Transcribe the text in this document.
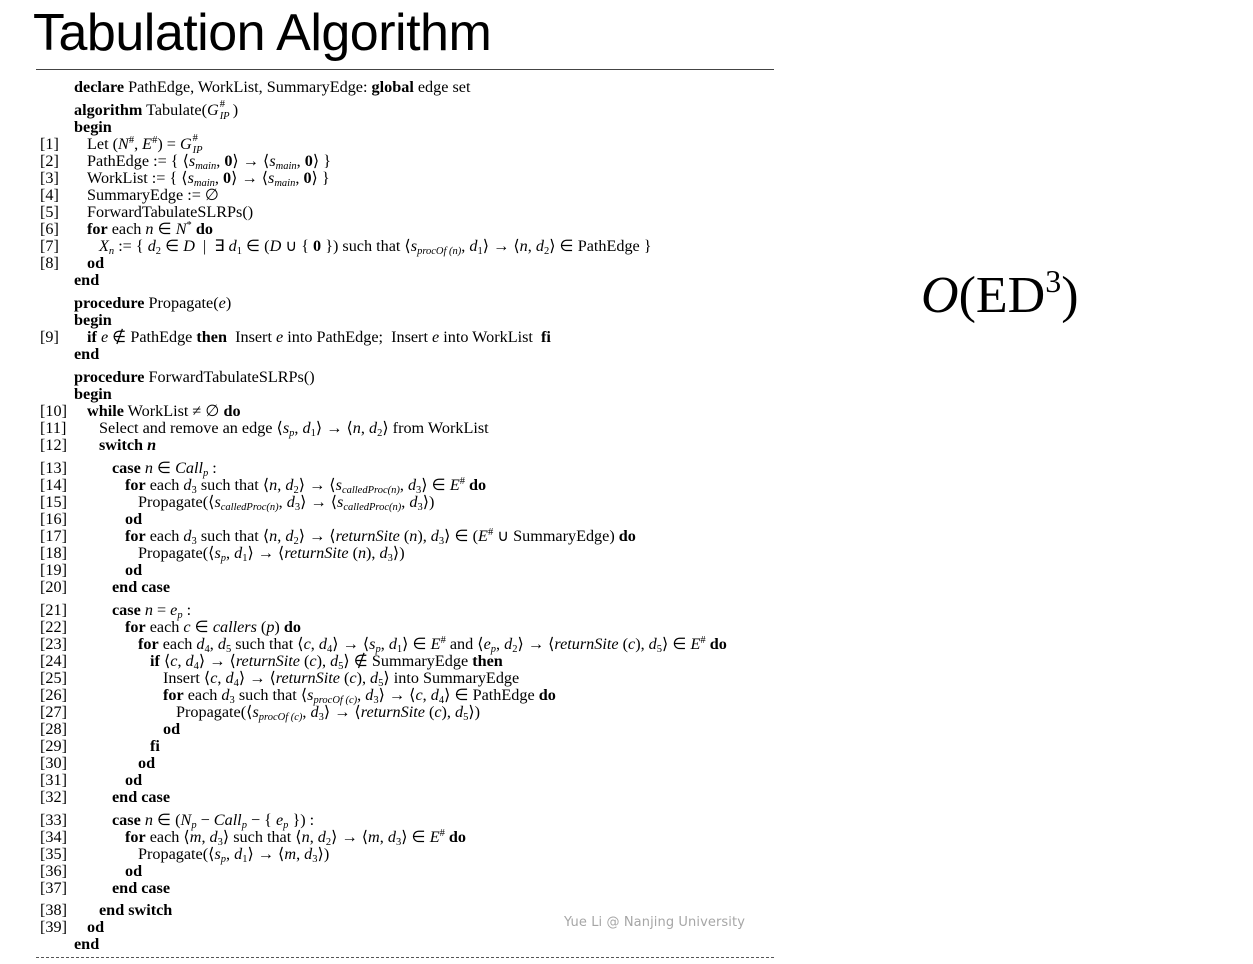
Tabulation Algorithm
declare PathEdge, WorkList, SummaryEdge: global edge set
algorithm Tabulate(G #
IP )
begin
[1] Let (N#, E#) = G #
IP
[2] PathEdge := { $⟨s_{main}$, 0⟩ → $⟨s_{main}$, 0⟩ }
[3] WorkList := { $⟨s_{main}$, 0⟩ → $⟨s_{main}$, 0⟩ }
[4] SummaryEdge := ∅
[5] ForwardTabulateSLRPs()
[6] for each n ∈ N* do
[7] $X_n$ := { $d_2$ ∈ D  |  ∃ $d_1$ ∈ (D ∪ { 0 }) such that $⟨s_{procOf (n)}$, $d_1⟩$ → ⟨n, $d_2⟩$ ∈ PathEdge }
[8] od
end
procedure Propagate(e)
begin
[9] if e ∉ PathEdge then  Insert e into PathEdge;  Insert e into WorkList  fi
end
procedure ForwardTabulateSLRPs()
begin
[10] while WorkList ≠ ∅ do
[11] Select and remove an edge $⟨s_p$, $d_1⟩$ → ⟨n, $d_2⟩$ from WorkList
[12] switch n
[13]	case n ∈ Call$_p$ :
[14]	for each $d_3$ such that ⟨n, $d_2⟩$ → $⟨s_{calledProc(n)}$, $d_3⟩$ ∈ E# do
[15]	$Propagate(⟨s_{calledProc(n)}$, $d_3⟩$ → $⟨s_{calledProc(n)}$, $d_3⟩$)
[16]	od
[17]	for each $d_3$ such that ⟨n, $d_2⟩$ → ⟨returnSite (n), $d_3⟩$ ∈ (E# ∪ SummaryEdge) do
[18]	$Propagate(⟨s_p$, $d_1⟩$ → ⟨returnSite (n), $d_3⟩$)
[19]	od
[20]	end case
[21]	case $n = e_p$ :
[22]	for each c ∈ callers (p) do
[23]	for each $d_4$, $d_5$ such that ⟨c, $d_4⟩$ → $⟨s_p$, $d_1⟩$ ∈ E# and $⟨e_p$, $d_2⟩$ → ⟨returnSite (c), $d_5⟩$ ∈ E# do
[24]	if ⟨c, $d_4⟩$ → ⟨returnSite (c), $d_5⟩$ ∉ SummaryEdge then
[25]	Insert ⟨c, $d_4⟩$ → ⟨returnSite (c), $d_5⟩$ into SummaryEdge
[26]	for each $d_3$ such that $⟨s_{procOf (c)}$, $d_3⟩$ → ⟨c, $d_4⟩$ ∈ PathEdge do
[27]	$Propagate(⟨s_{procOf (c)}$, $d_3⟩$ → ⟨returnSite (c), $d_5⟩$)
[28]	od
[29]	fi
[30]	od
[31]	od
[32]	end case
[33]	case n ∈ ($N_p$ − Call$_p$ − { $e_p$ }) :
[34]	for each ⟨m, $d_3⟩$ such that ⟨n, $d_2⟩$ → ⟨m, $d_3⟩$ ∈ E# do
[35]	$Propagate(⟨s_p$, $d_1⟩$ → ⟨m, $d_3⟩$)
[36]	od
[37]	end case
[38] end switch
[39] od
end
$O(ED^3)$
Yue Li @ Nanjing University
